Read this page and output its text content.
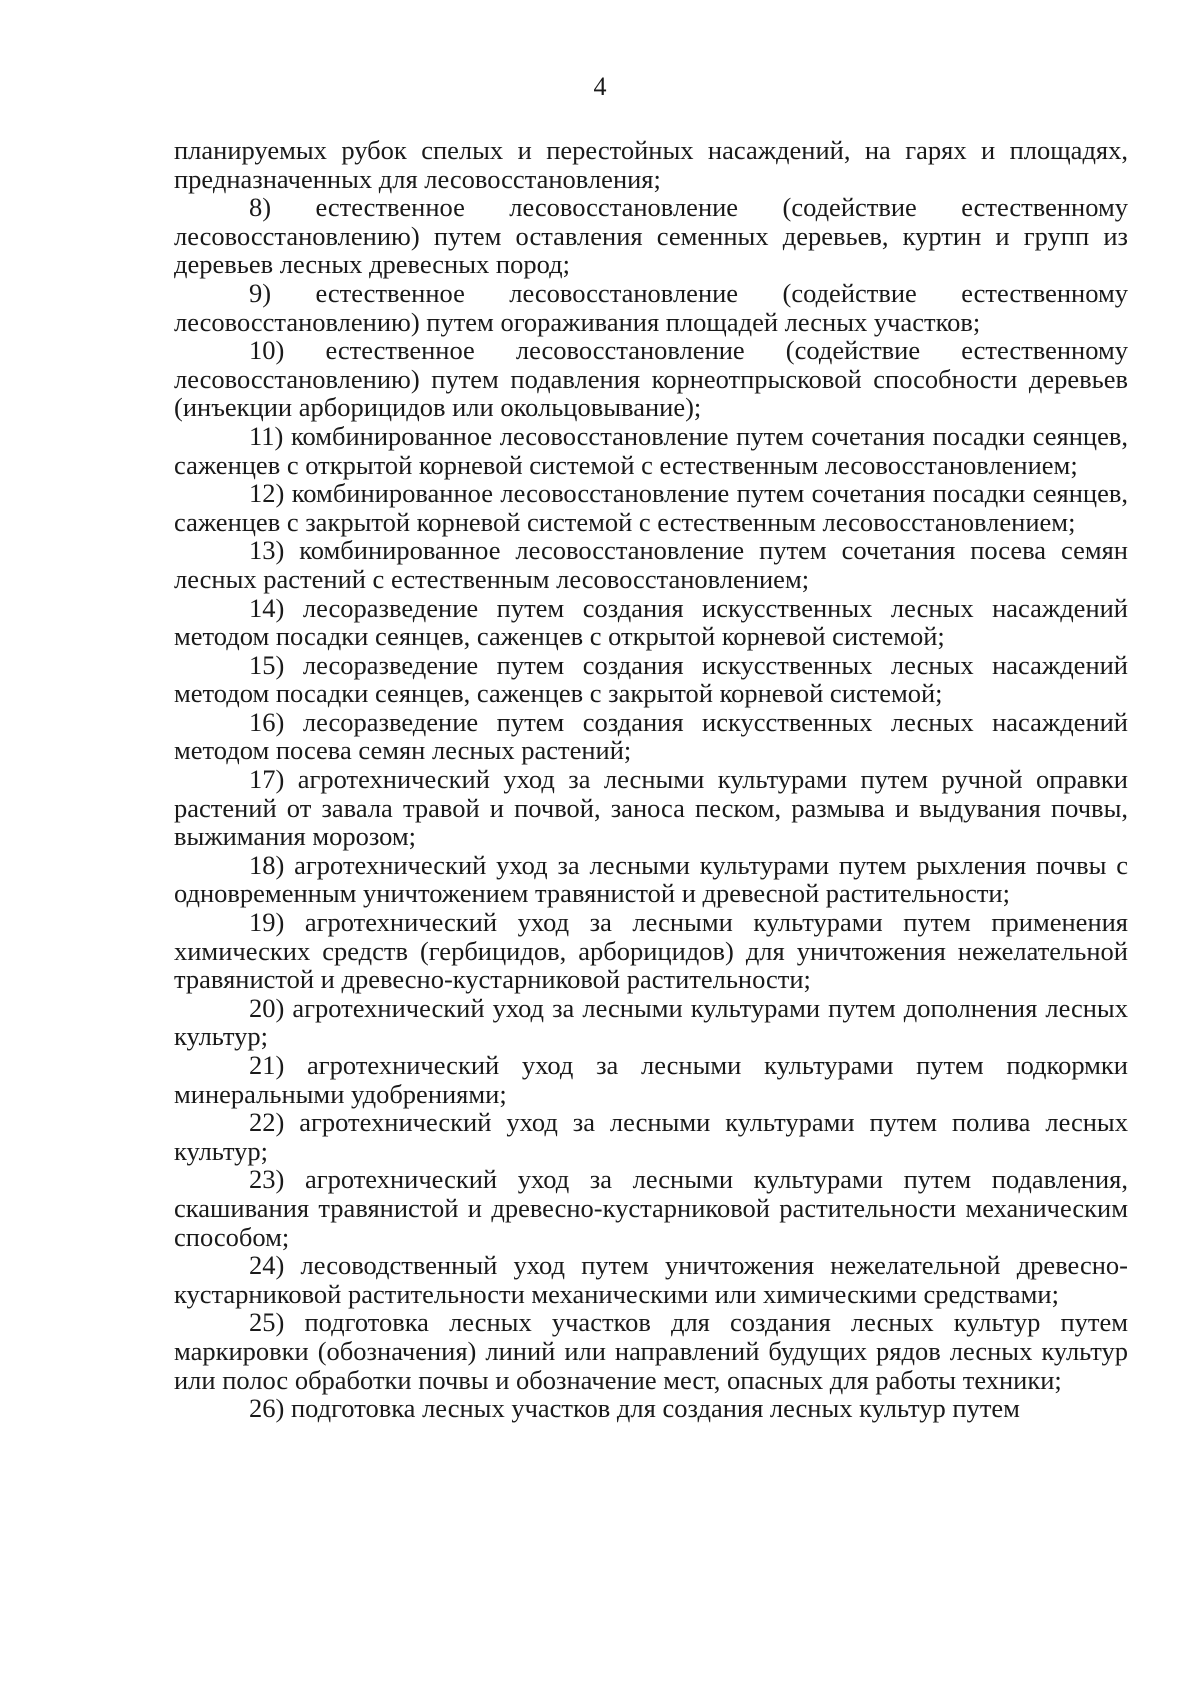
4

планируемых рубок спелых и перестойных насаждений, на гарях и площадях, предназначенных для лесовосстановления;

8) естественное лесовосстановление (содействие естественному лесовосстановлению) путем оставления семенных деревьев, куртин и групп из деревьев лесных древесных пород;

9) естественное лесовосстановление (содействие естественному лесовосстановлению) путем огораживания площадей лесных участков;

10) естественное лесовосстановление (содействие естественному лесовосстановлению) путем подавления корнеотпрысковой способности деревьев (инъекции арборицидов или окольцовывание);

11) комбинированное лесовосстановление путем сочетания посадки сеянцев, саженцев с открытой корневой системой с естественным лесовосстановлением;

12) комбинированное лесовосстановление путем сочетания посадки сеянцев, саженцев с закрытой корневой системой с естественным лесовосстановлением;

13) комбинированное лесовосстановление путем сочетания посева семян лесных растений с естественным лесовосстановлением;

14) лесоразведение путем создания искусственных лесных насаждений методом посадки сеянцев, саженцев с открытой корневой системой;

15) лесоразведение путем создания искусственных лесных насаждений методом посадки сеянцев, саженцев с закрытой корневой системой;

16) лесоразведение путем создания искусственных лесных насаждений методом посева семян лесных растений;

17) агротехнический уход за лесными культурами путем ручной оправки растений от завала травой и почвой, заноса песком, размыва и выдувания почвы, выжимания морозом;

18) агротехнический уход за лесными культурами путем рыхления почвы с одновременным уничтожением травянистой и древесной растительности;

19) агротехнический уход за лесными культурами путем применения химических средств (гербицидов, арборицидов) для уничтожения нежелательной травянистой и древесно-кустарниковой растительности;

20) агротехнический уход за лесными культурами путем дополнения лесных культур;

21) агротехнический уход за лесными культурами путем подкормки минеральными удобрениями;

22) агротехнический уход за лесными культурами путем полива лесных культур;

23) агротехнический уход за лесными культурами путем подавления, скашивания травянистой и древесно-кустарниковой растительности механическим способом;

24) лесоводственный уход путем уничтожения нежелательной древесно-кустарниковой растительности механическими или химическими средствами;

25) подготовка лесных участков для создания лесных культур путем маркировки (обозначения) линий или направлений будущих рядов лесных культур или полос обработки почвы и обозначение мест, опасных для работы техники;

26) подготовка лесных участков для создания лесных культур путем
